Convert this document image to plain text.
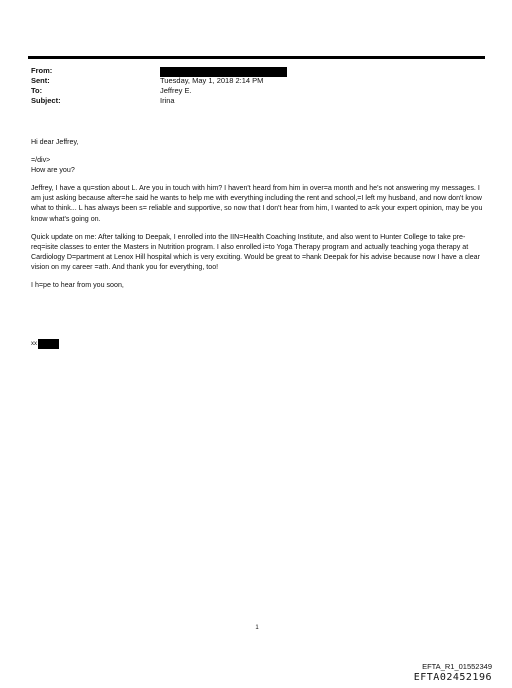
From:
Sent:	Tuesday, May 1, 2018 2:14 PM
To:	Jeffrey E.
Subject:	Irina

Hi dear Jeffrey,

=/div>

How are you?

Jeffrey, I have a qu=stion about L. Are you in touch with him? I haven't heard from him in over=a month and he's not answering my messages. I am just asking because after=he said he wants to help me with everything including the rent and school,=I left my husband, and now don't know what to think... L has always been s= reliable and supportive, so now that I don't hear from him, I wanted to a=k your expert opinion, may be you know what's going on.

Quick update on me: After talking to Deepak, I enrolled into the IIN=Health Coaching Institute, and also went to Hunter College to take pre-req=isite classes to enter the Masters in Nutrition program. I also enrolled i=to Yoga Therapy program and actually teaching yoga therapy at Cardiology D=partment at Lenox Hill hospital which is very exciting. Would be great to =hank Deepak for his advise because now I have a clear vision on my career =ath. And thank you for everything, too!

I h=pe to hear from you soon,

xx
1
EFTA_R1_01552349
EFTA02452196
